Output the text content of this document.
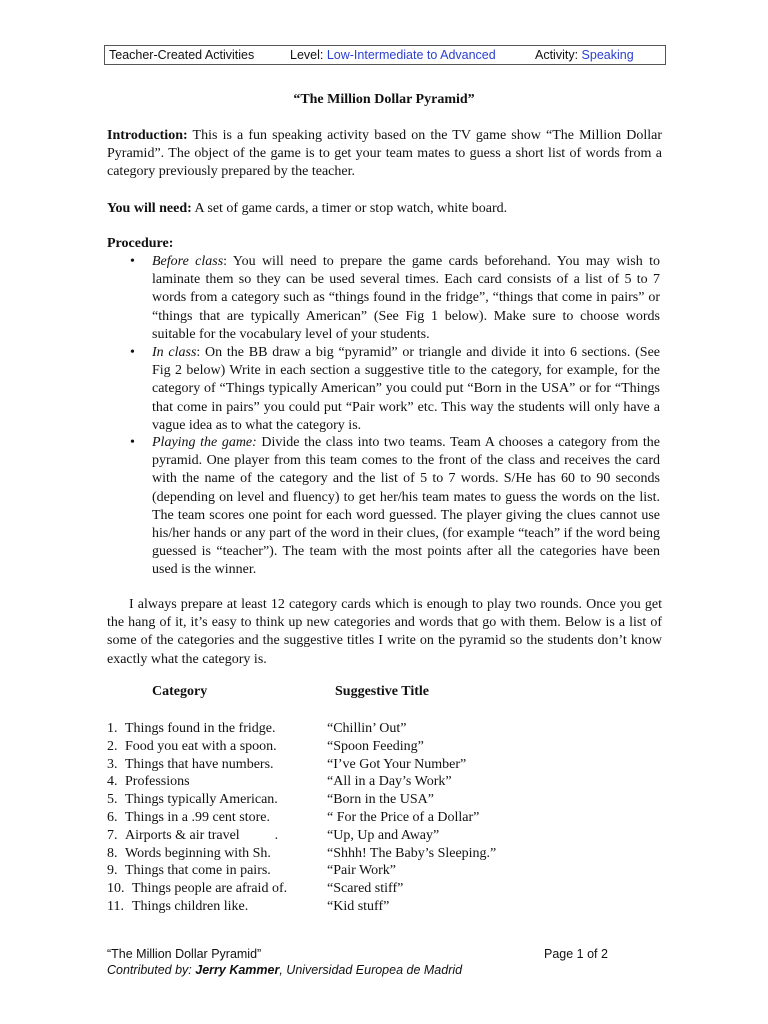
Teacher-Created Activities	Level: Low-Intermediate to Advanced	Activity: Speaking
“The Million Dollar Pyramid”
Introduction: This is a fun speaking activity based on the TV game show “The Million Dollar Pyramid”. The object of the game is to get your team mates to guess a short list of words from a category previously prepared by the teacher.
You will need: A set of game cards, a timer or stop watch, white board.
Procedure:
• Before class: You will need to prepare the game cards beforehand. You may wish to laminate them so they can be used several times. Each card consists of a list of 5 to 7 words from a category such as “things found in the fridge”, “things that come in pairs” or “things that are typically American” (See Fig 1 below). Make sure to choose words suitable for the vocabulary level of your students.
• In class: On the BB draw a big “pyramid” or triangle and divide it into 6 sections. (See Fig 2 below) Write in each section a suggestive title to the category, for example, for the category of “Things typically American” you could put “Born in the USA” or for “Things that come in pairs” you could put “Pair work” etc. This way the students will only have a vague idea as to what the category is.
• Playing the game: Divide the class into two teams. Team A chooses a category from the pyramid. One player from this team comes to the front of the class and receives the card with the name of the category and the list of 5 to 7 words. S/He has 60 to 90 seconds (depending on level and fluency) to get her/his team mates to guess the words on the list. The team scores one point for each word guessed. The player giving the clues cannot use his/her hands or any part of the word in their clues, (for example “teach” if the word being guessed is “teacher”). The team with the most points after all the categories have been used is the winner.
I always prepare at least 12 category cards which is enough to play two rounds. Once you get the hang of it, it’s easy to think up new categories and words that go with them. Below is a list of some of the categories and the suggestive titles I write on the pyramid so the students don’t know exactly what the category is.
Category	Suggestive Title
1. Things found in the fridge.	“Chillin’ Out”
2. Food you eat with a spoon.	“Spoon Feeding”
3. Things that have numbers.	“I’ve Got Your Number”
4. Professions	“All in a Day’s Work”
5. Things typically American.	“Born in the USA”
6. Things in a .99 cent store.	“ For the Price of a Dollar”
7. Airports & air travel          .	“Up, Up and Away”
8. Words beginning with Sh.	“Shhh! The Baby’s Sleeping.”
9. Things that come in pairs.	“Pair Work”
10. Things people are afraid of.	“Scared stiff”
11. Things children like.	“Kid stuff”
“The Million Dollar Pyramid”	Page 1 of 2
Contributed by: Jerry Kammer, Universidad Europea de Madrid
